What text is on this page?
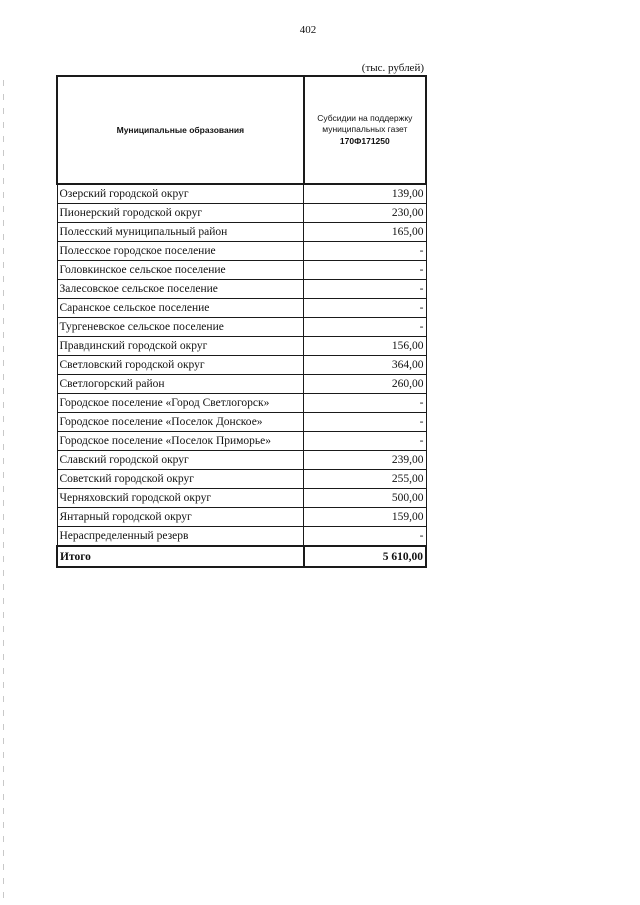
402
(тыс. рублей)
Муниципальные образования	Субсидии на поддержку муниципальных газет
170Ф171250

Озерский городской округ	139,00
Пионерский городской округ	230,00
Полесский муниципальный район	165,00
Полесское городское поселение	-
Головкинское сельское поселение	-
Залесовское сельское поселение	-
Саранское сельское поселение	-
Тургеневское сельское поселение	-
Правдинский городской округ	156,00
Светловский городской округ	364,00
Светлогорский район	260,00
Городское поселение «Город Светлогорск»	-
Городское поселение «Поселок Донское»	-
Городское поселение «Поселок Приморье»	-
Славский городской округ	239,00
Советский городской округ	255,00
Черняховский городской округ	500,00
Янтарный городской округ	159,00
Нераспределенный резерв	-
Итого	5 610,00
